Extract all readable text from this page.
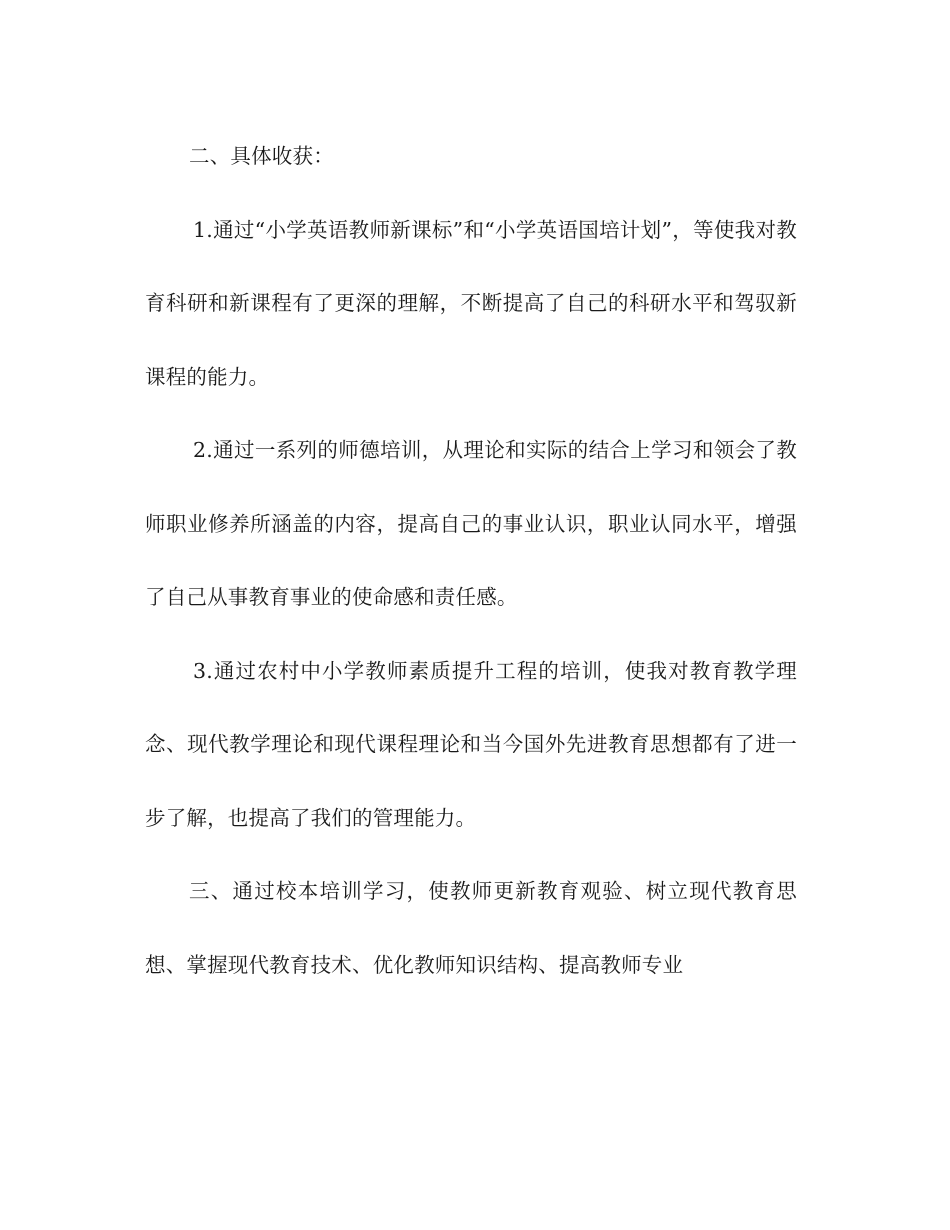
二、具体收获：

1.通过“小学英语教师新课标”和“小学英语国培计划”，等使我对教育科研和新课程有了更深的理解，不断提高了自己的科研水平和驾驭新课程的能力。

2.通过一系列的师德培训，从理论和实际的结合上学习和领会了教师职业修养所涵盖的内容，提高自己的事业认识，职业认同水平，增强了自己从事教育事业的使命感和责任感。

3.通过农村中小学教师素质提升工程的培训，使我对教育教学理念、现代教学理论和现代课程理论和当今国外先进教育思想都有了进一步了解，也提高了我们的管理能力。

三、通过校本培训学习，使教师更新教育观验、树立现代教育思想、掌握现代教育技术、优化教师知识结构、提高教师专业
